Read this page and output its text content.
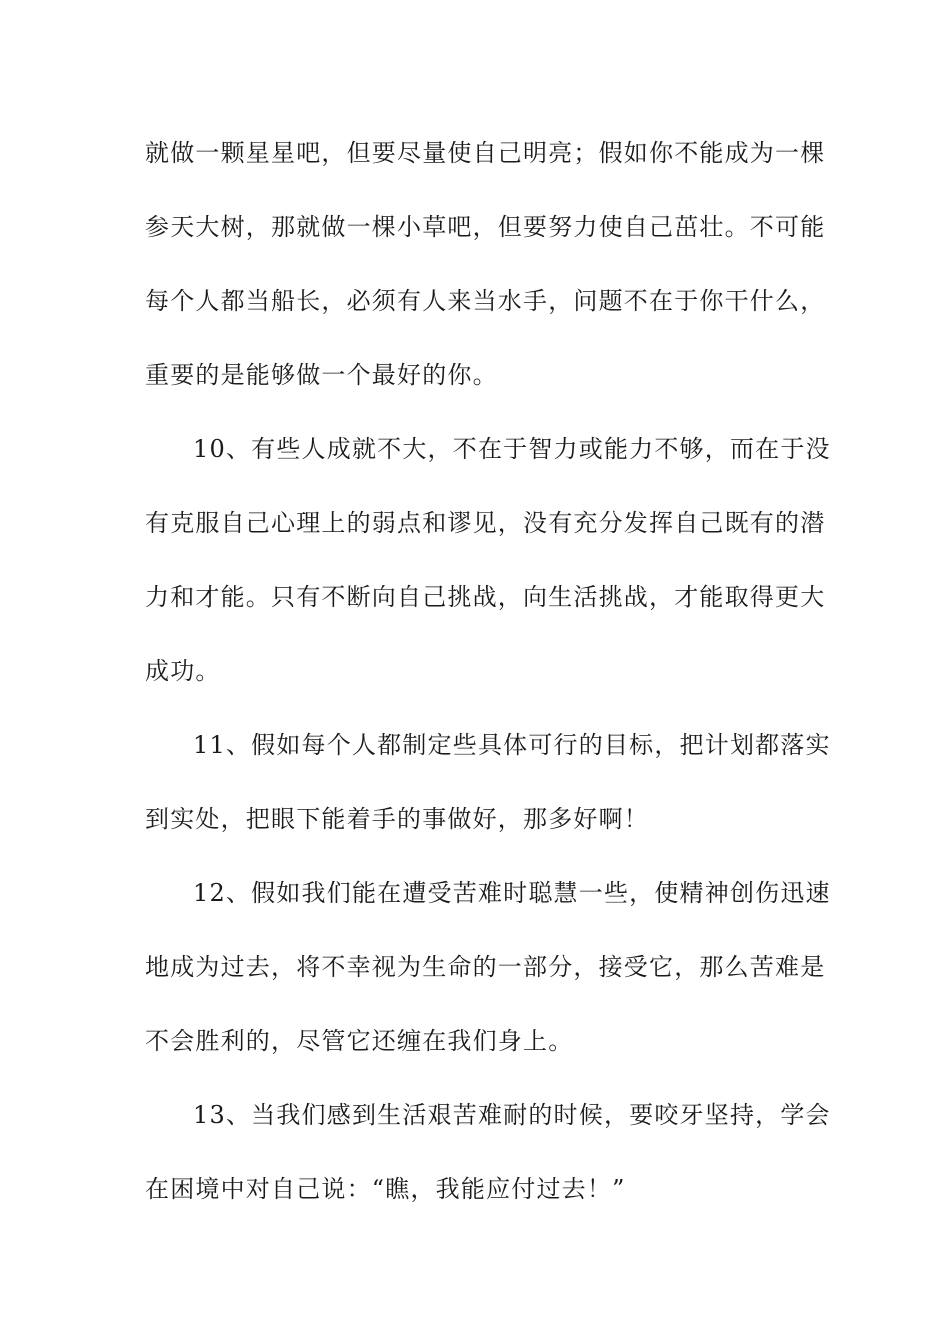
就做一颗星星吧，但要尽量使自己明亮；假如你不能成为一棵
参天大树，那就做一棵小草吧，但要努力使自己茁壮。不可能
每个人都当船长，必须有人来当水手，问题不在于你干什么，
重要的是能够做一个最好的你。
10、有些人成就不大，不在于智力或能力不够，而在于没
有克服自己心理上的弱点和谬见，没有充分发挥自己既有的潜
力和才能。只有不断向自己挑战，向生活挑战，才能取得更大
成功。
11、假如每个人都制定些具体可行的目标，把计划都落实
到实处，把眼下能着手的事做好，那多好啊！
12、假如我们能在遭受苦难时聪慧一些，使精神创伤迅速
地成为过去，将不幸视为生命的一部分，接受它，那么苦难是
不会胜利的，尽管它还缠在我们身上。
13、当我们感到生活艰苦难耐的时候，要咬牙坚持，学会
在困境中对自己说：“瞧，我能应付过去！”
